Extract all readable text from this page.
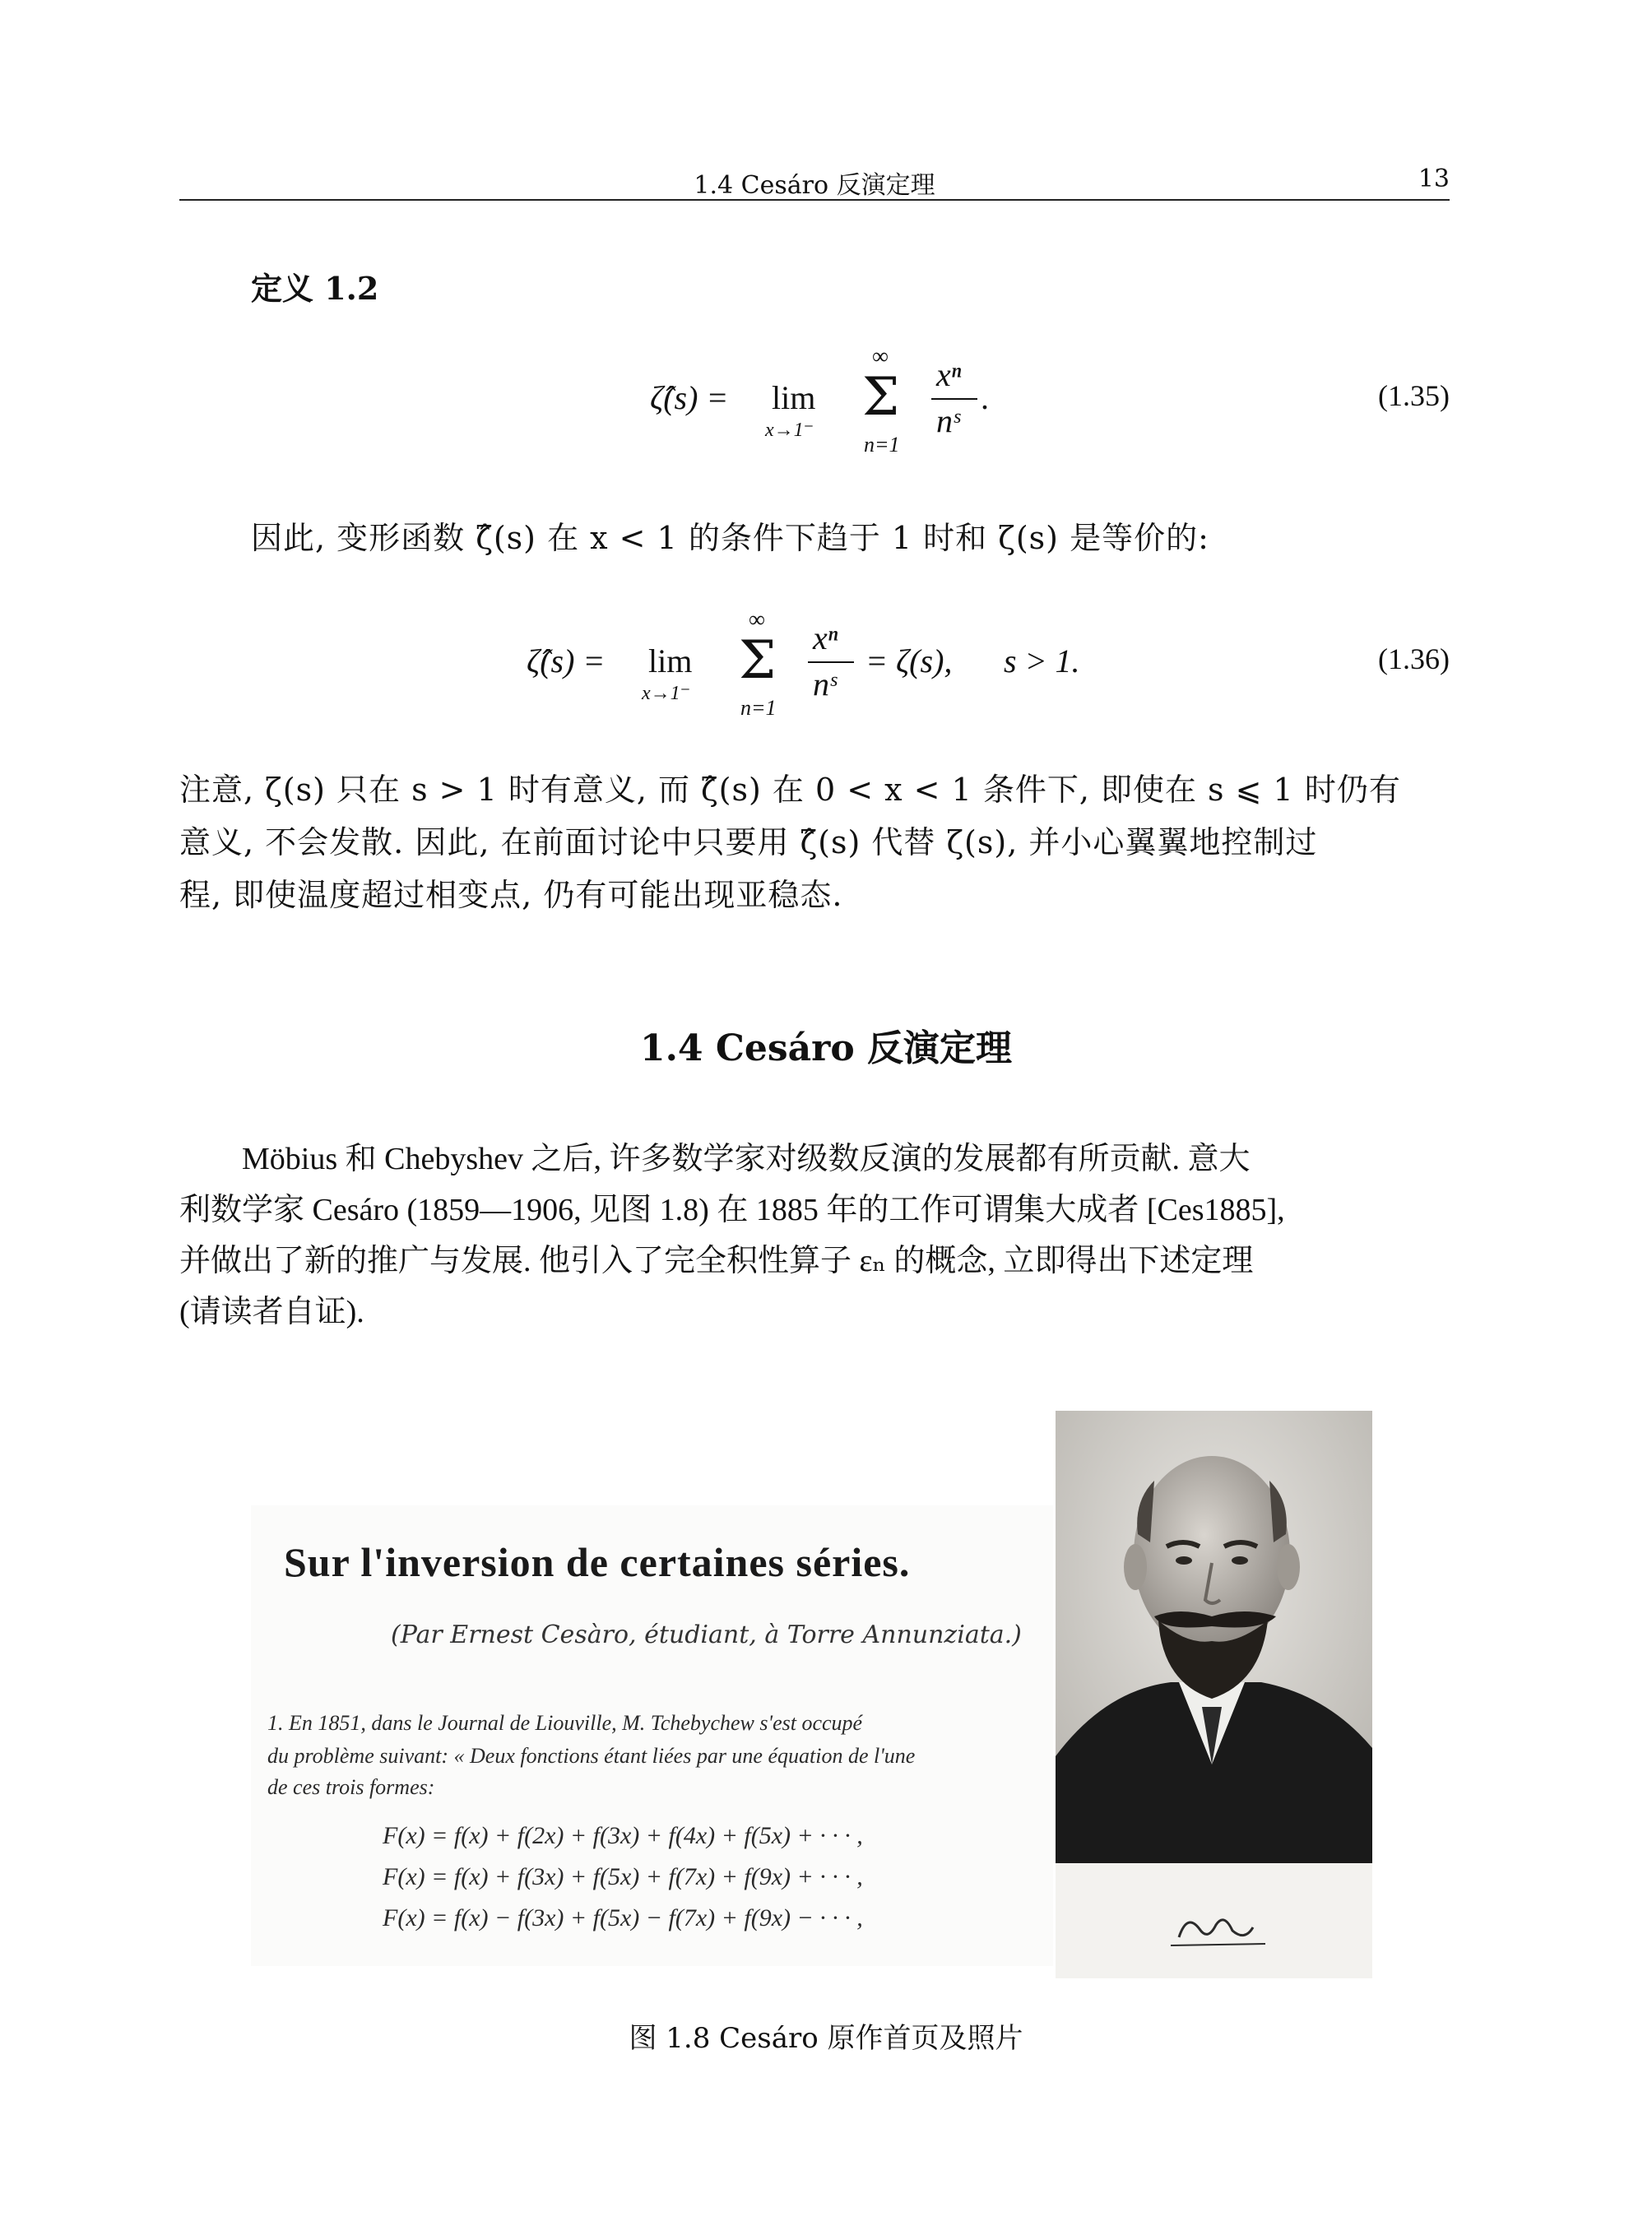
1.4 Cesáro 反演定理	13
定义 1.2
ζ̂(s) = lim
x→1⁻
∞
Σ
n=1
xⁿ
nˢ
.	(1.35)
因此, 变形函数 ζ̂(s) 在 x < 1 的条件下趋于 1 时和 ζ(s) 是等价的:
ζ̂(s) = lim
x→1⁻
∞
Σ
n=1
xⁿ
nˢ
= ζ(s), s > 1.	(1.36)
注意, ζ(s) 只在 s > 1 时有意义, 而 ζ̂(s) 在 0 < x < 1 条件下, 即使在 s ⩽ 1 时仍有
意义, 不会发散. 因此, 在前面讨论中只要用 ζ̂(s) 代替 ζ(s), 并小心翼翼地控制过
程, 即使温度超过相变点, 仍有可能出现亚稳态.
1.4 Cesáro 反演定理
Möbius 和 Chebyshev 之后, 许多数学家对级数反演的发展都有所贡献. 意大
利数学家 Cesáro (1859—1906, 见图 1.8) 在 1885 年的工作可谓集大成者 [Ces1885],
并做出了新的推广与发展. 他引入了完全积性算子 εₙ 的概念, 立即得出下述定理
(请读者自证).
Sur l'inversion de certaines séries.
(Par Ernest Cesàro, étudiant, à Torre Annunziata.)
1. En 1851, dans le Journal de Liouville, M. Tchebychew s'est occupé
du problème suivant: « Deux fonctions étant liées par une équation de l'une
de ces trois formes:
F(x) = f(x) + f(2x) + f(3x) + f(4x) + f(5x) + · · · ,
F(x) = f(x) + f(3x) + f(5x) + f(7x) + f(9x) + · · · ,
F(x) = f(x) − f(3x) + f(5x) − f(7x) + f(9x) − · · · ,
图 1.8 Cesáro 原作首页及照片
